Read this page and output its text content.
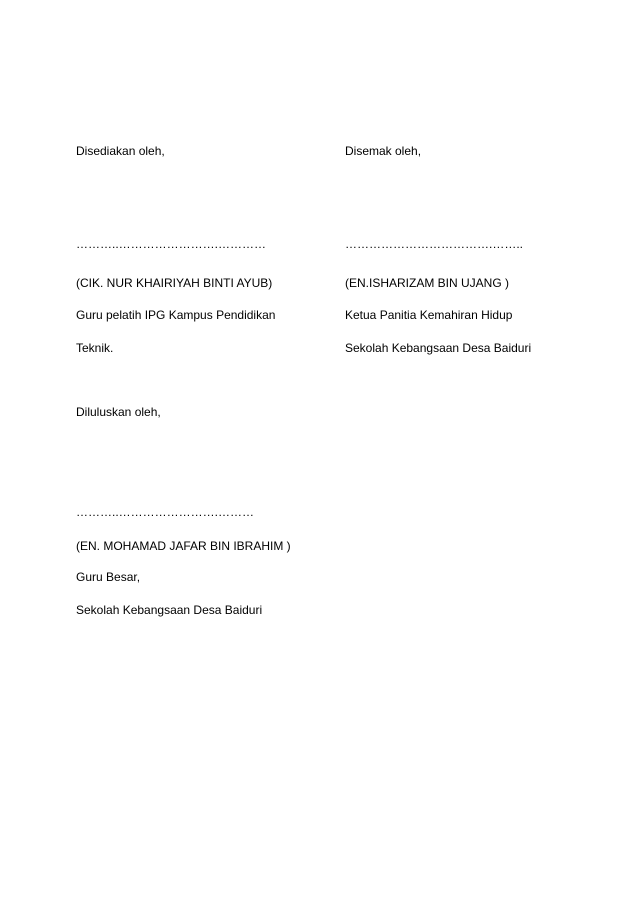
Disediakan oleh,
………..…………………….…………
(CIK. NUR KHAIRIYAH BINTI AYUB)
Guru pelatih IPG Kampus Pendidikan
Teknik.
Disemak oleh,
……………………………….……..
(EN.ISHARIZAM BIN UJANG )
Ketua Panitia Kemahiran Hidup
Sekolah Kebangsaan Desa Baiduri
Diluluskan oleh,
………..…………………….………
(EN. MOHAMAD JAFAR BIN IBRAHIM )
Guru Besar,
Sekolah Kebangsaan Desa Baiduri
